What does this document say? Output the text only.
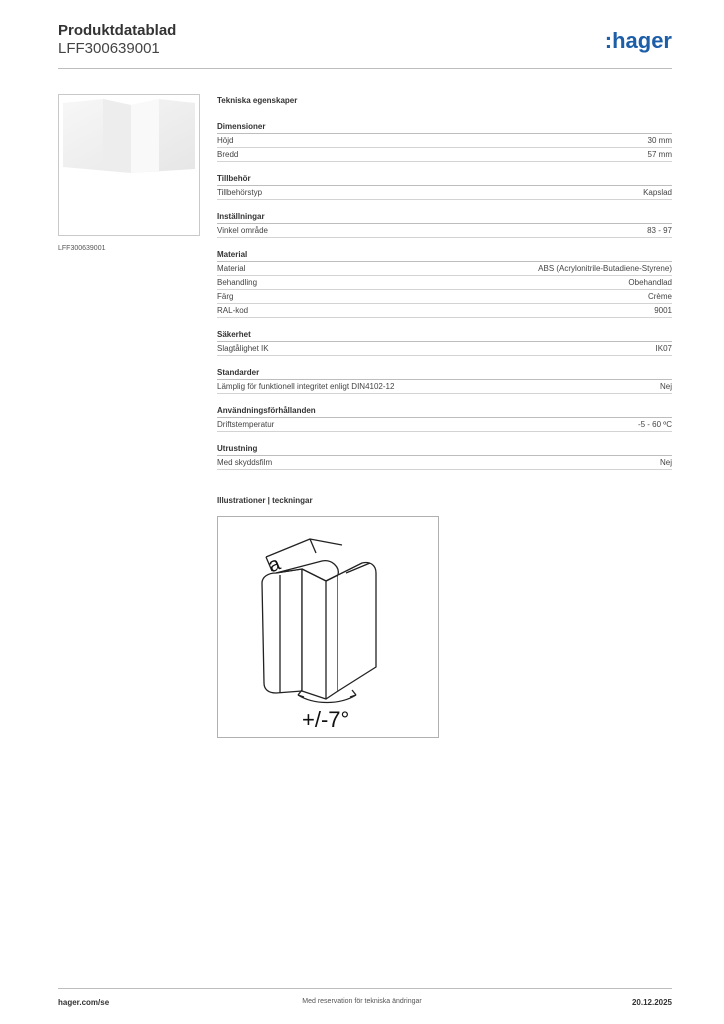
Produktdatablad
LFF300639001	:hager
LFF300639001
Tekniska egenskaper
Dimensioner
Höjd	30 mm
Bredd	57 mm
Tillbehör
Tillbehörstyp	Kapslad
Inställningar
Vinkel område	83 - 97
Material
Material	ABS (Acrylonitrile-Butadiene-Styrene)
Behandling	Obehandlad
Färg	Crème
RAL-kod	9001
Säkerhet
Slagtålighet IK	IK07
Standarder
Lämplig för funktionell integritet enligt DIN4102-12	Nej
Användningsförhållanden
Driftstemperatur	-5 - 60 ºC
Utrustning
Med skyddsfilm	Nej
Illustrationer | teckningar
a
+/-7°
hager.com/se	Med reservation för tekniska ändringar	20.12.2025
